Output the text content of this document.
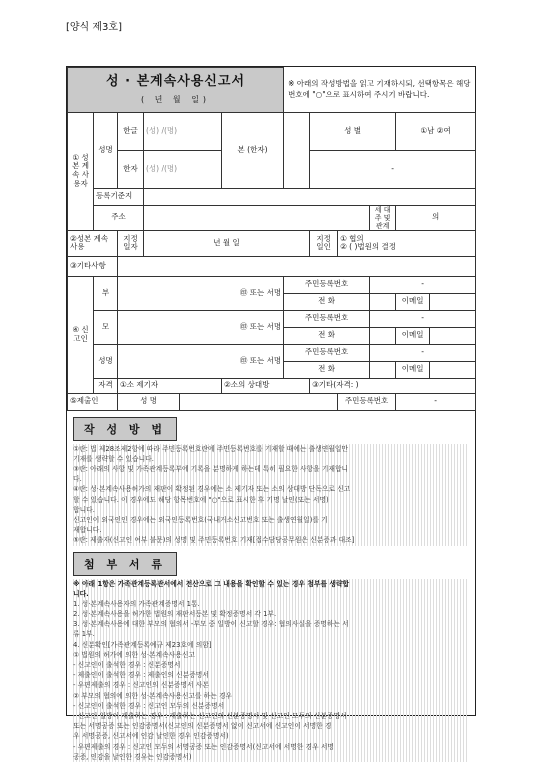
[양식 제3호]
성 · 본계속사용신고서
( 년 월 일)						※ 아래의 작성방법을 읽고 기재하시되, 선택항목은 해당번호에 "○"으로 표시하여 주시기 바랍니다.					
① 성본 계속 사용자	성명	한글	(성) /(명)		본 (한자)		성 별			①남 ②여	
		한자	(성) /(명)				-				
	등록기준지										
	주소								세 대 주 및 관계	의	
②성본 계속사용		지정 일자	년 월 일				지정 일인	① 협의
② ( )법원의 결정			

③기타사항											
④ 신고인	부	㊞ 또는 서명				주민등록번호			-		
						전 화				이메일	
	모	㊞ 또는 서명				주민등록번호			-		
						전 화				이메일	
	성명	㊞ 또는 서명				주민등록번호			-		
						전 화				이메일	
	자격	①소 제기자			②소의 상대방		③기타(자격: )				
⑤제출인		성 명						주민등록번호		-	
작 성 방 법
①란: 법 제28조제2항에 따라 주민등록번호란에 주민등록번호를 기재할 때에는 출생연월일만
기재를 생략할 수 있습니다.
③란: 아래의 사항 및 가족관계등록부에 기록을 분명하게 하는데 특히 필요한 사항을 기재합니
다.
④란: 성·본계속사용허가의 재판이 확정된 경우에는 소 제기자 또는 소의 상대방 단독으로 신고
할 수 있습니다. 이 경우에도 해당 항목번호에 "○"으로 표시한 후 기명 날인(또는 서명)
합니다.
신고인이 외국인인 경우에는 외국인등록번호(국내거소신고번호 또는 출생연월일)를 기
재합니다.
⑤란: 제출자(신고인 여부 불문)의 성명 및 주민등록번호 기재[접수담당공무원은 신분증과 대조]
첨 부 서 류
※ 아래 1항은 가족관계등록관서에서 전산으로 그 내용을 확인할 수 있는 경우 첨부를 생략합
니다.
1. 성·본계속사용자의 가족관계증명서 1통.
2. 성·본계속사용을 허가한 법원의 재판서등본 및 확정증명서 각 1부.
3. 성·본계속사용에 대한 부모의 협의서 -부모 중 일방이 신고할 경우: 협의사실을 증명하는 서
류 1부.
4. 신분확인[가족관계등록예규 제23호에 의함]
① 법원의 허가에 의한 성·본계속사용신고
- 신고인이 출석한 경우 : 신분증명서
- 제출인이 출석한 경우 : 제출인의 신분증명서
- 우편제출의 경우 : 신고인의 신분증명서 사본
② 부모의 협의에 의한 성·본계속사용신고를 하는 경우
- 신고인이 출석한 경우 : 신고인 모두의 신분증명서
- 신고인 일방이 제출하는 경우 : 제출하는 신고인의 신분증명서 및 신고인 모두의 신분증명서
또는 서명공증 또는 인감증명서(신고인의 신분증명서 없이 신고서에 신고인이 서명한 경
우 서명공증, 신고서에 인감 날인한 경우 인감증명서)
- 우편제출의 경우 : 신고인 모두의 서명공증 또는 인감증명서(신고서에 서명한 경우 서명
공증, 인감을 날인한 경우는 인감증명서)
